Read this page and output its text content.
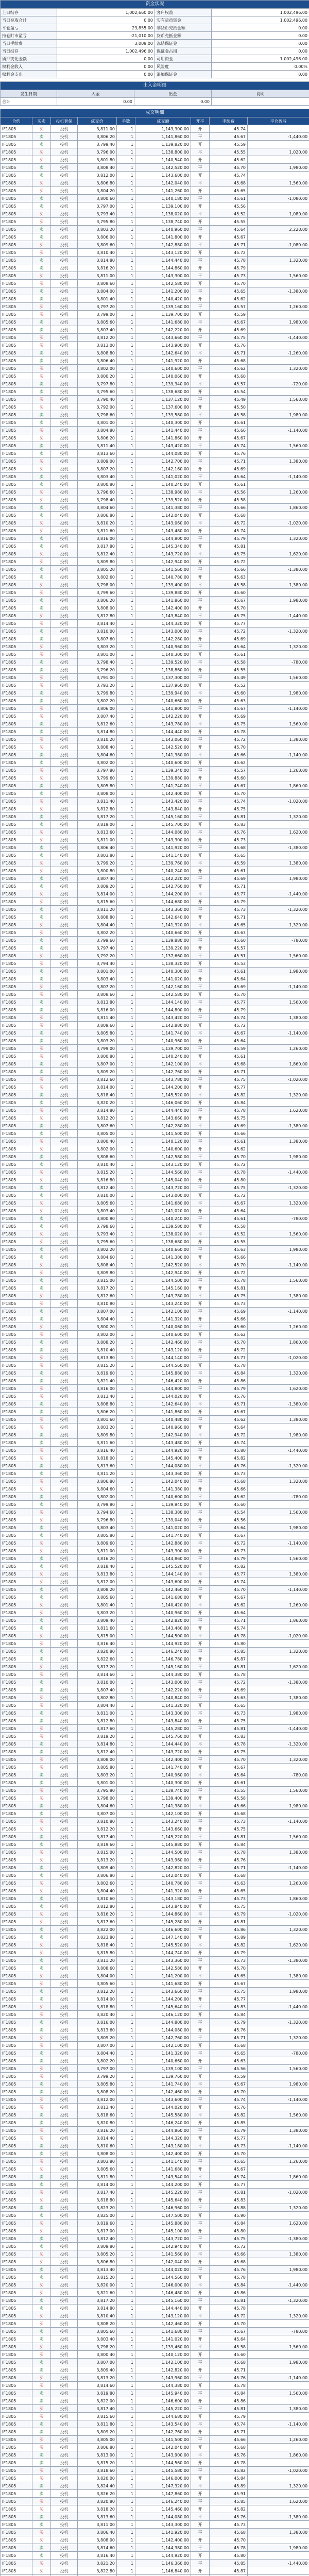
资金状况			
上日结存	1,002,660.00	客户权益	1,002,496.00
当日存取合计	0.00	实有货币资金	1,002,496.00
平仓盈亏	23,855.00	非货币充抵金额	0.00
持仓盯市盈亏	-21,010.00	货币充抵金额	0.00
当日手续费	3,009.00	冻结保证金	0.00
当日结存	1,002,496.00	保证金占用	0.00
质押变化金额	0.00	可用资金	1,002,496.00
权利金收入	0.00	风险度	0.00%
权利金支出	0.00	追加保证金	0.00
出入金明细			
发生日期	入金	出金	说明
合计	0.00	0.00	
成交明细								
合约	买卖	投机套保	成交价	手数	成交额	开平	手续费	平仓盈亏
IF1805	买	投机	3,811.00	1	1,143,300.00	开	45.74	
IF1805	卖	投机	3,806.20	1	1,141,860.00	平	45.67	-1,440.00
IF1805	卖	投机	3,799.40	1	1,139,820.00	开	45.59	
IF1805	买	投机	3,796.00	1	1,138,800.00	平	45.55	1,020.00
IF1805	买	投机	3,801.80	1	1,140,540.00	开	45.62	
IF1805	卖	投机	3,808.40	1	1,142,520.00	平	45.70	1,980.00
IF1805	卖	投机	3,812.00	1	1,143,600.00	开	45.74	
IF1805	买	投机	3,806.80	1	1,142,040.00	平	45.68	1,560.00
IF1805	买	投机	3,804.20	1	1,141,260.00	开	45.65	
IF1805	卖	投机	3,800.60	1	1,140,180.00	平	45.61	-1,080.00
IF1805	卖	投机	3,797.00	1	1,139,100.00	开	45.56	
IF1805	买	投机	3,793.40	1	1,138,020.00	平	45.52	1,080.00
IF1805	买	投机	3,795.80	1	1,138,740.00	开	45.55	
IF1805	卖	投机	3,803.20	1	1,140,960.00	平	45.64	2,220.00
IF1805	卖	投机	3,806.00	1	1,141,800.00	开	45.67	
IF1805	买	投机	3,809.60	1	1,142,880.00	平	45.71	-1,080.00
IF1805	买	投机	3,810.40	1	1,143,120.00	开	45.72	
IF1805	卖	投机	3,814.80	1	1,144,440.00	平	45.78	1,320.00
IF1805	卖	投机	3,816.20	1	1,144,860.00	开	45.79	
IF1805	买	投机	3,811.00	1	1,143,300.00	平	45.73	1,560.00
IF1805	买	投机	3,808.60	1	1,142,580.00	开	45.70	
IF1805	卖	投机	3,804.00	1	1,141,200.00	平	45.65	-1,380.00
IF1805	卖	投机	3,801.40	1	1,140,420.00	开	45.62	
IF1805	买	投机	3,797.20	1	1,139,160.00	平	45.57	1,260.00
IF1805	买	投机	3,799.00	1	1,139,700.00	开	45.59	
IF1805	卖	投机	3,805.60	1	1,141,680.00	平	45.67	1,980.00
IF1805	卖	投机	3,807.40	1	1,142,220.00	开	45.69	
IF1805	买	投机	3,812.20	1	1,143,660.00	平	45.75	-1,440.00
IF1805	买	投机	3,813.00	1	1,143,900.00	开	45.76	
IF1805	卖	投机	3,808.80	1	1,142,640.00	平	45.71	-1,260.00
IF1805	卖	投机	3,806.40	1	1,141,920.00	开	45.68	
IF1805	买	投机	3,802.00	1	1,140,600.00	平	45.62	1,320.00
IF1805	买	投机	3,800.20	1	1,140,060.00	开	45.60	
IF1805	卖	投机	3,797.80	1	1,139,340.00	平	45.57	-720.00
IF1805	卖	投机	3,795.60	1	1,138,680.00	开	45.54	
IF1805	买	投机	3,790.40	1	1,137,120.00	平	45.49	1,560.00
IF1805	买	投机	3,792.00	1	1,137,600.00	开	45.50	
IF1805	卖	投机	3,798.60	1	1,139,580.00	平	45.58	1,980.00
IF1805	卖	投机	3,801.00	1	1,140,300.00	开	45.61	
IF1805	买	投机	3,804.80	1	1,141,440.00	平	45.66	-1,140.00
IF1805	买	投机	3,806.20	1	1,141,860.00	开	45.67	
IF1805	卖	投机	3,811.40	1	1,143,420.00	平	45.74	1,560.00
IF1805	卖	投机	3,813.60	1	1,144,080.00	开	45.76	
IF1805	买	投机	3,809.00	1	1,142,700.00	平	45.71	1,380.00
IF1805	买	投机	3,807.20	1	1,142,160.00	开	45.69	
IF1805	卖	投机	3,803.40	1	1,141,020.00	平	45.64	-1,140.00
IF1805	卖	投机	3,800.80	1	1,140,240.00	开	45.61	
IF1805	买	投机	3,796.60	1	1,138,980.00	平	45.56	1,260.00
IF1805	买	投机	3,798.40	1	1,139,520.00	开	45.58	
IF1805	卖	投机	3,804.60	1	1,141,380.00	平	45.66	1,860.00
IF1805	卖	投机	3,806.80	1	1,142,040.00	开	45.68	
IF1805	买	投机	3,810.20	1	1,143,060.00	平	45.72	-1,020.00
IF1805	买	投机	3,811.60	1	1,143,480.00	开	45.74	
IF1805	卖	投机	3,816.00	1	1,144,800.00	平	45.79	1,320.00
IF1805	卖	投机	3,817.80	1	1,145,340.00	开	45.81	
IF1805	买	投机	3,812.40	1	1,143,720.00	平	45.75	1,620.00
IF1805	买	投机	3,809.80	1	1,142,940.00	开	45.72	
IF1805	卖	投机	3,805.20	1	1,141,560.00	平	45.66	-1,380.00
IF1805	卖	投机	3,802.60	1	1,140,780.00	开	45.63	
IF1805	买	投机	3,798.00	1	1,139,400.00	平	45.58	1,380.00
IF1805	买	投机	3,799.60	1	1,139,880.00	开	45.60	
IF1805	卖	投机	3,806.20	1	1,141,860.00	平	45.67	1,980.00
IF1805	卖	投机	3,808.00	1	1,142,400.00	开	45.70	
IF1805	买	投机	3,812.80	1	1,143,840.00	平	45.75	-1,440.00
IF1805	买	投机	3,814.40	1	1,144,320.00	开	45.77	
IF1805	卖	投机	3,810.00	1	1,143,000.00	平	45.72	-1,320.00
IF1805	卖	投机	3,807.60	1	1,142,280.00	开	45.69	
IF1805	买	投机	3,803.20	1	1,140,960.00	平	45.64	1,320.00
IF1805	买	投机	3,801.00	1	1,140,300.00	开	45.61	
IF1805	卖	投机	3,798.40	1	1,139,520.00	平	45.58	-780.00
IF1805	卖	投机	3,796.20	1	1,138,860.00	开	45.55	
IF1805	买	投机	3,791.00	1	1,137,300.00	平	45.49	1,560.00
IF1805	买	投机	3,793.20	1	1,137,960.00	开	45.52	
IF1805	卖	投机	3,799.80	1	1,139,940.00	平	45.60	1,980.00
IF1805	卖	投机	3,802.20	1	1,140,660.00	开	45.63	
IF1805	买	投机	3,806.00	1	1,141,800.00	平	45.67	-1,140.00
IF1805	买	投机	3,807.40	1	1,142,220.00	开	45.69	
IF1805	卖	投机	3,812.60	1	1,143,780.00	平	45.75	1,560.00
IF1805	卖	投机	3,814.80	1	1,144,440.00	开	45.78	
IF1805	买	投机	3,810.20	1	1,143,060.00	平	45.72	1,380.00
IF1805	买	投机	3,808.40	1	1,142,520.00	开	45.70	
IF1805	卖	投机	3,804.60	1	1,141,380.00	平	45.66	-1,140.00
IF1805	卖	投机	3,802.00	1	1,140,600.00	开	45.62	
IF1805	买	投机	3,797.80	1	1,139,340.00	平	45.57	1,260.00
IF1805	买	投机	3,799.60	1	1,139,880.00	开	45.60	
IF1805	卖	投机	3,805.80	1	1,141,740.00	平	45.67	1,860.00
IF1805	卖	投机	3,808.00	1	1,142,400.00	开	45.70	
IF1805	买	投机	3,811.40	1	1,143,420.00	平	45.74	-1,020.00
IF1805	买	投机	3,812.80	1	1,143,840.00	开	45.75	
IF1805	卖	投机	3,817.20	1	1,145,160.00	平	45.81	1,320.00
IF1805	卖	投机	3,819.00	1	1,145,700.00	开	45.83	
IF1805	买	投机	3,813.60	1	1,144,080.00	平	45.76	1,620.00
IF1805	买	投机	3,811.00	1	1,143,300.00	开	45.73	
IF1805	卖	投机	3,806.40	1	1,141,920.00	平	45.68	-1,380.00
IF1805	卖	投机	3,803.80	1	1,141,140.00	开	45.65	
IF1805	买	投机	3,799.20	1	1,139,760.00	平	45.59	1,380.00
IF1805	买	投机	3,800.80	1	1,140,240.00	开	45.61	
IF1805	卖	投机	3,807.40	1	1,142,220.00	平	45.69	1,980.00
IF1805	卖	投机	3,809.20	1	1,142,760.00	开	45.71	
IF1805	买	投机	3,814.00	1	1,144,200.00	平	45.77	-1,440.00
IF1805	买	投机	3,815.60	1	1,144,680.00	开	45.79	
IF1805	卖	投机	3,811.20	1	1,143,360.00	平	45.73	-1,320.00
IF1805	卖	投机	3,808.80	1	1,142,640.00	开	45.71	
IF1805	买	投机	3,804.40	1	1,141,320.00	平	45.65	1,320.00
IF1805	买	投机	3,802.20	1	1,140,660.00	开	45.63	
IF1805	卖	投机	3,799.60	1	1,139,880.00	平	45.60	-780.00
IF1805	卖	投机	3,797.40	1	1,139,220.00	开	45.57	
IF1805	买	投机	3,792.20	1	1,137,660.00	平	45.51	1,560.00
IF1805	买	投机	3,794.40	1	1,138,320.00	开	45.53	
IF1805	卖	投机	3,801.00	1	1,140,300.00	平	45.61	1,980.00
IF1805	卖	投机	3,803.40	1	1,141,020.00	开	45.64	
IF1805	买	投机	3,807.20	1	1,142,160.00	平	45.69	-1,140.00
IF1805	买	投机	3,808.60	1	1,142,580.00	开	45.70	
IF1805	卖	投机	3,813.80	1	1,144,140.00	平	45.77	1,560.00
IF1805	卖	投机	3,816.00	1	1,144,800.00	开	45.79	
IF1805	买	投机	3,811.40	1	1,143,420.00	平	45.74	1,380.00
IF1805	买	投机	3,809.60	1	1,142,880.00	开	45.72	
IF1805	卖	投机	3,805.80	1	1,141,740.00	平	45.67	-1,140.00
IF1805	卖	投机	3,803.20	1	1,140,960.00	开	45.64	
IF1805	买	投机	3,799.00	1	1,139,700.00	平	45.59	1,260.00
IF1805	买	投机	3,800.80	1	1,140,240.00	开	45.61	
IF1805	卖	投机	3,807.00	1	1,142,100.00	平	45.68	1,860.00
IF1805	卖	投机	3,809.20	1	1,142,760.00	开	45.71	
IF1805	买	投机	3,812.60	1	1,143,780.00	平	45.75	-1,020.00
IF1805	买	投机	3,814.00	1	1,144,200.00	开	45.77	
IF1805	卖	投机	3,818.40	1	1,145,520.00	平	45.82	1,320.00
IF1805	卖	投机	3,820.20	1	1,146,060.00	开	45.84	
IF1805	买	投机	3,814.80	1	1,144,440.00	平	45.78	1,620.00
IF1805	买	投机	3,812.20	1	1,143,660.00	开	45.75	
IF1805	卖	投机	3,807.60	1	1,142,280.00	平	45.69	-1,380.00
IF1805	卖	投机	3,805.00	1	1,141,500.00	开	45.66	
IF1805	买	投机	3,800.40	1	1,140,120.00	平	45.61	1,380.00
IF1805	买	投机	3,802.00	1	1,140,600.00	开	45.62	
IF1805	卖	投机	3,808.60	1	1,142,580.00	平	45.70	1,980.00
IF1805	卖	投机	3,810.40	1	1,143,120.00	开	45.72	
IF1805	买	投机	3,815.20	1	1,144,560.00	平	45.78	-1,440.00
IF1805	买	投机	3,816.80	1	1,145,040.00	开	45.80	
IF1805	卖	投机	3,812.40	1	1,143,720.00	平	45.75	-1,320.00
IF1805	卖	投机	3,810.00	1	1,143,000.00	开	45.72	
IF1805	买	投机	3,805.60	1	1,141,680.00	平	45.67	1,320.00
IF1805	买	投机	3,803.40	1	1,141,020.00	开	45.64	
IF1805	卖	投机	3,800.80	1	1,140,240.00	平	45.61	-780.00
IF1805	卖	投机	3,798.60	1	1,139,580.00	开	45.58	
IF1805	买	投机	3,793.40	1	1,138,020.00	平	45.52	1,560.00
IF1805	买	投机	3,795.60	1	1,138,680.00	开	45.55	
IF1805	卖	投机	3,802.20	1	1,140,660.00	平	45.63	1,980.00
IF1805	卖	投机	3,804.60	1	1,141,380.00	开	45.66	
IF1805	买	投机	3,808.40	1	1,142,520.00	平	45.70	-1,140.00
IF1805	买	投机	3,809.80	1	1,142,940.00	开	45.72	
IF1805	卖	投机	3,815.00	1	1,144,500.00	平	45.78	1,560.00
IF1805	卖	投机	3,817.20	1	1,145,160.00	开	45.81	
IF1805	买	投机	3,812.60	1	1,143,780.00	平	45.75	1,380.00
IF1805	买	投机	3,810.80	1	1,143,240.00	开	45.73	
IF1805	卖	投机	3,807.00	1	1,142,100.00	平	45.69	-1,140.00
IF1805	卖	投机	3,804.40	1	1,141,320.00	开	45.66	
IF1805	买	投机	3,800.20	1	1,140,060.00	平	45.60	1,260.00
IF1805	买	投机	3,802.00	1	1,140,600.00	开	45.62	
IF1805	卖	投机	3,808.20	1	1,142,460.00	平	45.70	1,860.00
IF1805	卖	投机	3,810.40	1	1,143,120.00	开	45.72	
IF1805	买	投机	3,813.80	1	1,144,140.00	平	45.77	-1,020.00
IF1805	买	投机	3,815.20	1	1,144,560.00	开	45.78	
IF1805	卖	投机	3,819.60	1	1,145,880.00	平	45.84	1,320.00
IF1805	卖	投机	3,821.40	1	1,146,420.00	开	45.86	
IF1805	买	投机	3,816.00	1	1,144,800.00	平	45.79	1,620.00
IF1805	买	投机	3,813.40	1	1,144,020.00	开	45.76	
IF1805	卖	投机	3,808.80	1	1,142,640.00	平	45.71	-1,380.00
IF1805	卖	投机	3,806.20	1	1,141,860.00	开	45.67	
IF1805	买	投机	3,801.60	1	1,140,480.00	平	45.62	1,380.00
IF1805	买	投机	3,803.20	1	1,140,960.00	开	45.64	
IF1805	卖	投机	3,809.80	1	1,142,940.00	平	45.72	1,980.00
IF1805	卖	投机	3,811.60	1	1,143,480.00	开	45.74	
IF1805	买	投机	3,816.40	1	1,144,920.00	平	45.80	-1,440.00
IF1805	买	投机	3,818.00	1	1,145,400.00	开	45.82	
IF1805	卖	投机	3,813.60	1	1,144,080.00	平	45.76	-1,320.00
IF1805	卖	投机	3,811.20	1	1,143,360.00	开	45.73	
IF1805	买	投机	3,806.80	1	1,142,040.00	平	45.68	1,320.00
IF1805	买	投机	3,804.60	1	1,141,380.00	开	45.66	
IF1805	卖	投机	3,802.00	1	1,140,600.00	平	45.62	-780.00
IF1805	卖	投机	3,799.80	1	1,139,940.00	开	45.60	
IF1805	买	投机	3,794.60	1	1,138,380.00	平	45.54	1,560.00
IF1805	买	投机	3,796.80	1	1,139,040.00	开	45.56	
IF1805	卖	投机	3,803.40	1	1,141,020.00	平	45.64	1,980.00
IF1805	卖	投机	3,805.80	1	1,141,740.00	开	45.67	
IF1805	买	投机	3,809.60	1	1,142,880.00	平	45.72	-1,140.00
IF1805	买	投机	3,811.00	1	1,143,300.00	开	45.73	
IF1805	卖	投机	3,816.20	1	1,144,860.00	平	45.79	1,560.00
IF1805	卖	投机	3,818.40	1	1,145,520.00	开	45.82	
IF1805	买	投机	3,813.80	1	1,144,140.00	平	45.77	1,380.00
IF1805	买	投机	3,812.00	1	1,143,600.00	开	45.74	
IF1805	卖	投机	3,808.20	1	1,142,460.00	平	45.70	-1,140.00
IF1805	卖	投机	3,805.60	1	1,141,680.00	开	45.67	
IF1805	买	投机	3,801.40	1	1,140,420.00	平	45.62	1,260.00
IF1805	买	投机	3,803.20	1	1,140,960.00	开	45.64	
IF1805	卖	投机	3,809.40	1	1,142,820.00	平	45.71	1,860.00
IF1805	卖	投机	3,811.60	1	1,143,480.00	开	45.74	
IF1805	买	投机	3,815.00	1	1,144,500.00	平	45.78	-1,020.00
IF1805	买	投机	3,816.40	1	1,144,920.00	开	45.80	
IF1805	卖	投机	3,820.80	1	1,146,240.00	平	45.85	1,320.00
IF1805	卖	投机	3,822.60	1	1,146,780.00	开	45.87	
IF1805	买	投机	3,817.20	1	1,145,160.00	平	45.81	1,620.00
IF1805	买	投机	3,814.60	1	1,144,380.00	开	45.78	
IF1805	卖	投机	3,810.00	1	1,143,000.00	平	45.72	-1,380.00
IF1805	卖	投机	3,807.40	1	1,142,220.00	开	45.69	
IF1805	买	投机	3,802.80	1	1,140,840.00	平	45.63	1,380.00
IF1805	买	投机	3,804.40	1	1,141,320.00	开	45.65	
IF1805	卖	投机	3,811.00	1	1,143,300.00	平	45.73	1,980.00
IF1805	卖	投机	3,812.80	1	1,143,840.00	开	45.75	
IF1805	买	投机	3,817.60	1	1,145,280.00	平	45.81	-1,440.00
IF1805	买	投机	3,819.20	1	1,145,760.00	开	45.83	
IF1805	卖	投机	3,814.80	1	1,144,440.00	平	45.78	-1,320.00
IF1805	卖	投机	3,812.40	1	1,143,720.00	开	45.75	
IF1805	买	投机	3,808.00	1	1,142,400.00	平	45.70	1,320.00
IF1805	买	投机	3,805.80	1	1,141,740.00	开	45.67	
IF1805	卖	投机	3,803.20	1	1,140,960.00	平	45.64	-780.00
IF1805	卖	投机	3,801.00	1	1,140,300.00	开	45.61	
IF1805	买	投机	3,795.80	1	1,138,740.00	平	45.55	1,560.00
IF1805	买	投机	3,798.00	1	1,139,400.00	开	45.58	
IF1805	卖	投机	3,804.60	1	1,141,380.00	平	45.66	1,980.00
IF1805	卖	投机	3,807.00	1	1,142,100.00	开	45.68	
IF1805	买	投机	3,810.80	1	1,143,240.00	平	45.73	-1,140.00
IF1805	买	投机	3,812.20	1	1,143,660.00	开	45.75	
IF1805	卖	投机	3,817.40	1	1,145,220.00	平	45.81	1,560.00
IF1805	卖	投机	3,819.60	1	1,145,880.00	开	45.84	
IF1805	买	投机	3,815.00	1	1,144,500.00	平	45.78	1,380.00
IF1805	买	投机	3,813.20	1	1,143,960.00	开	45.76	
IF1805	卖	投机	3,809.40	1	1,142,820.00	平	45.71	-1,140.00
IF1805	卖	投机	3,806.80	1	1,142,040.00	开	45.68	
IF1805	买	投机	3,802.60	1	1,140,780.00	平	45.63	1,260.00
IF1805	买	投机	3,804.40	1	1,141,320.00	开	45.65	
IF1805	卖	投机	3,810.60	1	1,143,180.00	平	45.73	1,860.00
IF1805	卖	投机	3,812.80	1	1,143,840.00	开	45.75	
IF1805	买	投机	3,816.20	1	1,144,860.00	平	45.79	-1,020.00
IF1805	买	投机	3,817.60	1	1,145,280.00	开	45.81	
IF1805	卖	投机	3,822.00	1	1,146,600.00	平	45.86	1,320.00
IF1805	卖	投机	3,823.80	1	1,147,140.00	开	45.89	
IF1805	买	投机	3,818.40	1	1,145,520.00	平	45.82	1,620.00
IF1805	买	投机	3,815.80	1	1,144,740.00	开	45.79	
IF1805	卖	投机	3,811.20	1	1,143,360.00	平	45.73	-1,380.00
IF1805	卖	投机	3,808.60	1	1,142,580.00	开	45.70	
IF1805	买	投机	3,804.00	1	1,141,200.00	平	45.65	1,380.00
IF1805	买	投机	3,805.60	1	1,141,680.00	开	45.67	
IF1805	卖	投机	3,812.20	1	1,143,660.00	平	45.75	1,980.00
IF1805	卖	投机	3,814.00	1	1,144,200.00	开	45.77	
IF1805	买	投机	3,818.80	1	1,145,640.00	平	45.83	-1,440.00
IF1805	买	投机	3,820.40	1	1,146,120.00	开	45.84	
IF1805	卖	投机	3,816.00	1	1,144,800.00	平	45.79	-1,320.00
IF1805	卖	投机	3,813.60	1	1,144,080.00	开	45.76	
IF1805	买	投机	3,809.20	1	1,142,760.00	平	45.71	1,320.00
IF1805	买	投机	3,807.00	1	1,142,100.00	开	45.68	
IF1805	卖	投机	3,804.40	1	1,141,320.00	平	45.65	-780.00
IF1805	卖	投机	3,802.20	1	1,140,660.00	开	45.63	
IF1805	买	投机	3,797.00	1	1,139,100.00	平	45.56	1,560.00
IF1805	买	投机	3,799.20	1	1,139,760.00	开	45.59	
IF1805	卖	投机	3,805.80	1	1,141,740.00	平	45.67	1,980.00
IF1805	卖	投机	3,808.20	1	1,142,460.00	开	45.70	
IF1805	买	投机	3,812.00	1	1,143,600.00	平	45.74	-1,140.00
IF1805	买	投机	3,813.40	1	1,144,020.00	开	45.76	
IF1805	卖	投机	3,818.60	1	1,145,580.00	平	45.82	1,560.00
IF1805	卖	投机	3,820.80	1	1,146,240.00	开	45.85	
IF1805	买	投机	3,816.20	1	1,144,860.00	平	45.79	1,380.00
IF1805	买	投机	3,814.40	1	1,144,320.00	开	45.77	
IF1805	卖	投机	3,810.60	1	1,143,180.00	平	45.73	-1,140.00
IF1805	卖	投机	3,808.00	1	1,142,400.00	开	45.70	
IF1805	买	投机	3,803.80	1	1,141,140.00	平	45.65	1,260.00
IF1805	买	投机	3,805.60	1	1,141,680.00	开	45.67	
IF1805	卖	投机	3,811.80	1	1,143,540.00	平	45.74	1,860.00
IF1805	卖	投机	3,814.00	1	1,144,200.00	开	45.77	
IF1805	买	投机	3,817.40	1	1,145,220.00	平	45.81	-1,020.00
IF1805	买	投机	3,818.80	1	1,145,640.00	开	45.83	
IF1805	卖	投机	3,823.20	1	1,146,960.00	平	45.88	1,320.00
IF1805	卖	投机	3,825.00	1	1,147,500.00	开	45.90	
IF1805	买	投机	3,819.60	1	1,145,880.00	平	45.84	1,620.00
IF1805	买	投机	3,817.00	1	1,145,100.00	开	45.80	
IF1805	卖	投机	3,812.40	1	1,143,720.00	平	45.75	-1,380.00
IF1805	卖	投机	3,809.80	1	1,142,940.00	开	45.72	
IF1805	买	投机	3,805.20	1	1,141,560.00	平	45.66	1,380.00
IF1805	买	投机	3,806.80	1	1,142,040.00	开	45.68	
IF1805	卖	投机	3,813.40	1	1,144,020.00	平	45.76	1,980.00
IF1805	卖	投机	3,815.20	1	1,144,560.00	开	45.78	
IF1805	买	投机	3,820.00	1	1,146,000.00	平	45.84	-1,440.00
IF1805	买	投机	3,821.60	1	1,146,480.00	开	45.86	
IF1805	卖	投机	3,817.20	1	1,145,160.00	平	45.81	-1,320.00
IF1805	卖	投机	3,814.80	1	1,144,440.00	开	45.78	
IF1805	买	投机	3,810.40	1	1,143,120.00	平	45.72	1,320.00
IF1805	买	投机	3,808.20	1	1,142,460.00	开	45.70	
IF1805	卖	投机	3,805.60	1	1,141,680.00	平	45.67	-780.00
IF1805	卖	投机	3,803.40	1	1,141,020.00	开	45.64	
IF1805	买	投机	3,798.20	1	1,139,460.00	平	45.58	1,560.00
IF1805	买	投机	3,800.40	1	1,140,120.00	开	45.60	
IF1805	卖	投机	3,807.00	1	1,142,100.00	平	45.68	1,980.00
IF1805	卖	投机	3,809.40	1	1,142,820.00	开	45.71	
IF1805	买	投机	3,813.20	1	1,143,960.00	平	45.76	-1,140.00
IF1805	买	投机	3,814.60	1	1,144,380.00	开	45.78	
IF1805	卖	投机	3,819.80	1	1,145,940.00	平	45.84	1,560.00
IF1805	卖	投机	3,822.00	1	1,146,600.00	开	45.86	
IF1805	买	投机	3,817.40	1	1,145,220.00	平	45.81	1,380.00
IF1805	买	投机	3,815.60	1	1,144,680.00	开	45.79	
IF1805	卖	投机	3,811.80	1	1,143,540.00	平	45.74	-1,140.00
IF1805	卖	投机	3,809.20	1	1,142,760.00	开	45.71	
IF1805	买	投机	3,805.00	1	1,141,500.00	平	45.66	1,260.00
IF1805	买	投机	3,806.80	1	1,142,040.00	开	45.68	
IF1805	卖	投机	3,813.00	1	1,143,900.00	平	45.76	1,860.00
IF1805	卖	投机	3,815.20	1	1,144,560.00	开	45.78	
IF1805	买	投机	3,818.60	1	1,145,580.00	平	45.82	-1,020.00
IF1805	买	投机	3,820.00	1	1,146,000.00	开	45.84	
IF1805	卖	投机	3,824.40	1	1,147,320.00	平	45.89	1,320.00
IF1805	卖	投机	3,826.20	1	1,147,860.00	开	45.91	
IF1805	买	投机	3,820.80	1	1,146,240.00	平	45.85	1,620.00
IF1805	买	投机	3,818.20	1	1,145,460.00	开	45.82	
IF1805	卖	投机	3,813.60	1	1,144,080.00	平	45.76	-1,380.00
IF1805	卖	投机	3,811.00	1	1,143,300.00	开	45.73	
IF1805	买	投机	3,806.40	1	1,141,920.00	平	45.68	1,380.00
IF1805	买	投机	3,808.00	1	1,142,400.00	开	45.70	
IF1805	卖	投机	3,814.60	1	1,144,380.00	平	45.78	1,980.00
IF1805	卖	投机	3,816.40	1	1,144,920.00	开	45.80	
IF1805	买	投机	3,821.20	1	1,146,360.00	平	45.85	-1,440.00
IF1805	买	投机	3,822.80	1	1,146,840.00	开	45.87	
